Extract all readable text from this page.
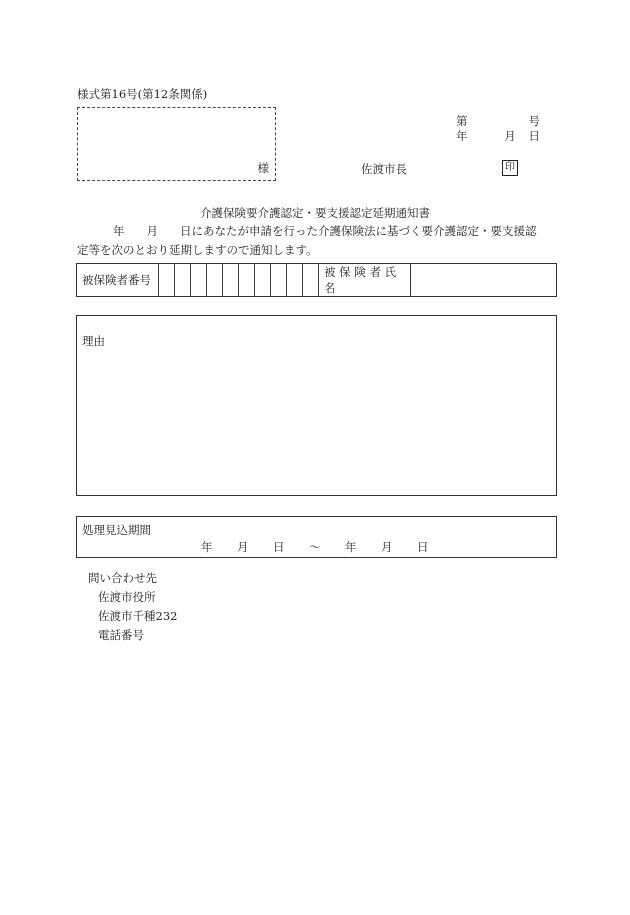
様式第16号(第12条関係)
様
第	号
年	月 日
佐渡市長	印
介護保険要介護認定・要支援認定延期通知書
年 月 日にあなたが申請を行った介護保険法に基づく要介護認定・要支援認
定等を次のとおり延期しますので通知します。
被保険者番号											被 保 険 者 氏 名	
理由
処理見込期間
年	月	日	〜	年	月	日
問い合わせ先
佐渡市役所
佐渡市千種232
電話番号
